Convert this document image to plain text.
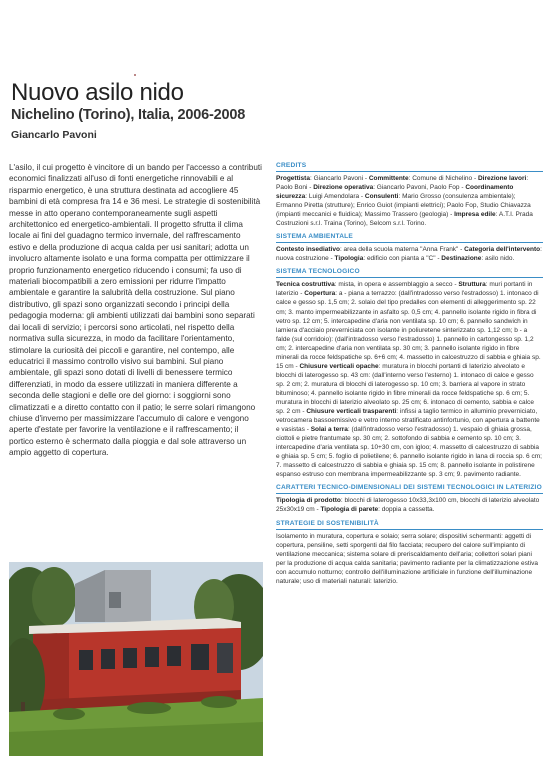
Nuovo asilo nido
Nichelino (Torino), Italia, 2006-2008
Giancarlo Pavoni

L'asilo, il cui progetto è vincitore di un bando per l'accesso a contributi economici finalizzati all'uso di fonti energetiche rinnovabili e al risparmio energetico, è una struttura destinata ad accogliere 45 bambini di età compresa fra 14 e 36 mesi. Le strategie di sostenibilità messe in atto operano contemporaneamente sugli aspetti architettonico ed energetico-ambientali. Il progetto sfrutta il clima locale ai fini del guadagno termico invernale, del raffrescamento estivo e della produzione di acqua calda per usi sanitari; adotta un involucro altamente isolato e una forma compatta per ottimizzare il proprio funzionamento energetico riducendo i consumi; fa uso di materiali biocompatibili a zero emissioni per ridurre l'impatto ambientale e garantire la salubrità della costruzione. Sul piano distributivo, gli spazi sono organizzati secondo i principi della pedagogia moderna: gli ambienti utilizzati dai bambini sono separati dai locali di servizio; i percorsi sono articolati, nel rispetto della normativa sulla sicurezza, in modo da facilitare l'orientamento, stimolare la curiosità dei piccoli e garantire, nel contempo, alle educatrici il massimo controllo visivo sui bambini. Sul piano ambientale, gli spazi sono dotati di livelli di benessere termico differenziati, in modo da essere utilizzati in maniera differente a seconda delle stagioni e delle ore del giorno: i soggiorni sono climatizzati e a diretto contatto con il patio; le serre solari rimangono chiuse d'inverno per massimizzare l'accumulo di calore e vengono aperte d'estate per favorire la ventilazione e il raffrescamento; il portico esterno è schermato dalla pioggia e dal sole attraverso un ampio aggetto di copertura.

CREDITS

Progettista: Giancarlo Pavoni - Committente: Comune di Nichelino - Direzione lavori: Paolo Boni - Direzione operativa: Giancarlo Pavoni, Paolo Fop - Coordinamento sicurezza: Luigi Amendolara - Consulenti: Mario Grosso (consulenza ambientale); Ermanno Piretta (strutture); Enrico Guiot (impianti elettrici); Paolo Fop, Studio Chiavazza (impianti meccanici e fluidica); Massimo Trassero (geologia) - Impresa edile: A.T.I. Prada Costruzioni s.r.l. Traina (Torino), Selcom s.r.l. Torino.

SISTEMA AMBIENTALE

Contesto insediativo: area della scuola materna "Anna Frank" - Categoria dell'intervento: nuova costruzione - Tipologia: edificio con pianta a "C" - Destinazione: asilo nido.

SISTEMA TECNOLOGICO

Tecnica costruttiva: mista, in opera e assemblaggio a secco - Struttura: muri portanti in laterizio - Copertura: a - piana a terrazzo: (dall'intradosso verso l'estradosso) 1. intonaco di calce e gesso sp. 1,5 cm; 2. solaio del tipo predalles con elementi di alleggerimento sp. 22 cm; 3. manto impermeabilizzante in asfalto sp. 0,5 cm; 4. pannello isolante rigido in fibra di vetro sp. 12 cm; 5. intercapedine d'aria non ventilata sp. 10 cm; 6. pannello sandwich in lamiera d'acciaio preverniciata con isolante in poliuretene sinterizzato sp. 1,12 cm; b - a falde (sul corridoio): (dall'intradosso verso l'estradosso) 1. pannello in cartongesso sp. 1,2 cm; 2. intercapedine d'aria non ventilata sp. 30 cm; 3. pannello isolante rigido in fibre minerali da rocce feldspatiche sp. 6+6 cm; 4. massetto in calcestruzzo di sabbia e ghiaia sp. 15 cm - Chiusure verticali opache: muratura in blocchi portanti di laterizio alveolato e blocchi di laterogesso sp. 43 cm: (dall'interno verso l'esterno) 1. intonaco di calce e gesso sp. 2 cm; 2. muratura di blocchi di laterogesso sp. 10 cm; 3. barriera al vapore in strato bituminoso; 4. pannello isolante rigido in fibre minerali da rocce feldspatiche sp. 6 cm; 5. muratura in blocchi di laterizio alveolato sp. 25 cm; 6. intonaco di cemento, sabbia e calce sp. 2 cm - Chiusure verticali trasparenti: infissi a taglio termico in alluminio preverniciato, vetrocamera bassoemissivo e vetro interno stratificato antinfortunio, con apertura a battente e vasistas - Solai a terra: (dall'intradosso verso l'estradosso) 1. vespaio di ghiaia grossa, ciottoli e pietre frantumate sp. 30 cm; 2. sottofondo di sabbia e cemento sp. 10 cm; 3. intercapedine d'aria ventilata sp. 10+30 cm, con igloo; 4. massetto di calcestruzzo di sabbia e ghiaia sp. 5 cm; 5. foglio di polietilene; 6. pannello isolante rigido in lana di roccia sp. 6 cm; 7. massetto di calcestruzzo di sabbia e ghiaia sp. 15 cm; 8. pannello isolante in polistirene espanso estruso con membrana impermeabilizzante sp. 3 cm; 9. pavimento radiante.

CARATTERI TECNICO-DIMENSIONALI DEI SISTEMI TECNOLOGICI IN LATERIZIO

Tipologia di prodotto: blocchi di laterogesso 10x33,3x100 cm, blocchi di laterizio alveolato 25x30x19 cm - Tipologia di parete: doppia a cassetta.

STRATEGIE DI SOSTENIBILITÀ

Isolamento in muratura, copertura e solaio; serra solare; dispositivi schermanti: aggetti di copertura, pensiline, setti sporgenti dal filo facciata; recupero del calore sull'impianto di ventilazione meccanica; sistema solare di preriscaldamento dell'aria; collettori solari piani per la produzione di acqua calda sanitaria; pavimento radiante per la climatizzazione estiva con accumulo notturno; controllo dell'illuminazione artificiale in funzione dell'illuminazione naturale; uso di materiali naturali: laterizio.
